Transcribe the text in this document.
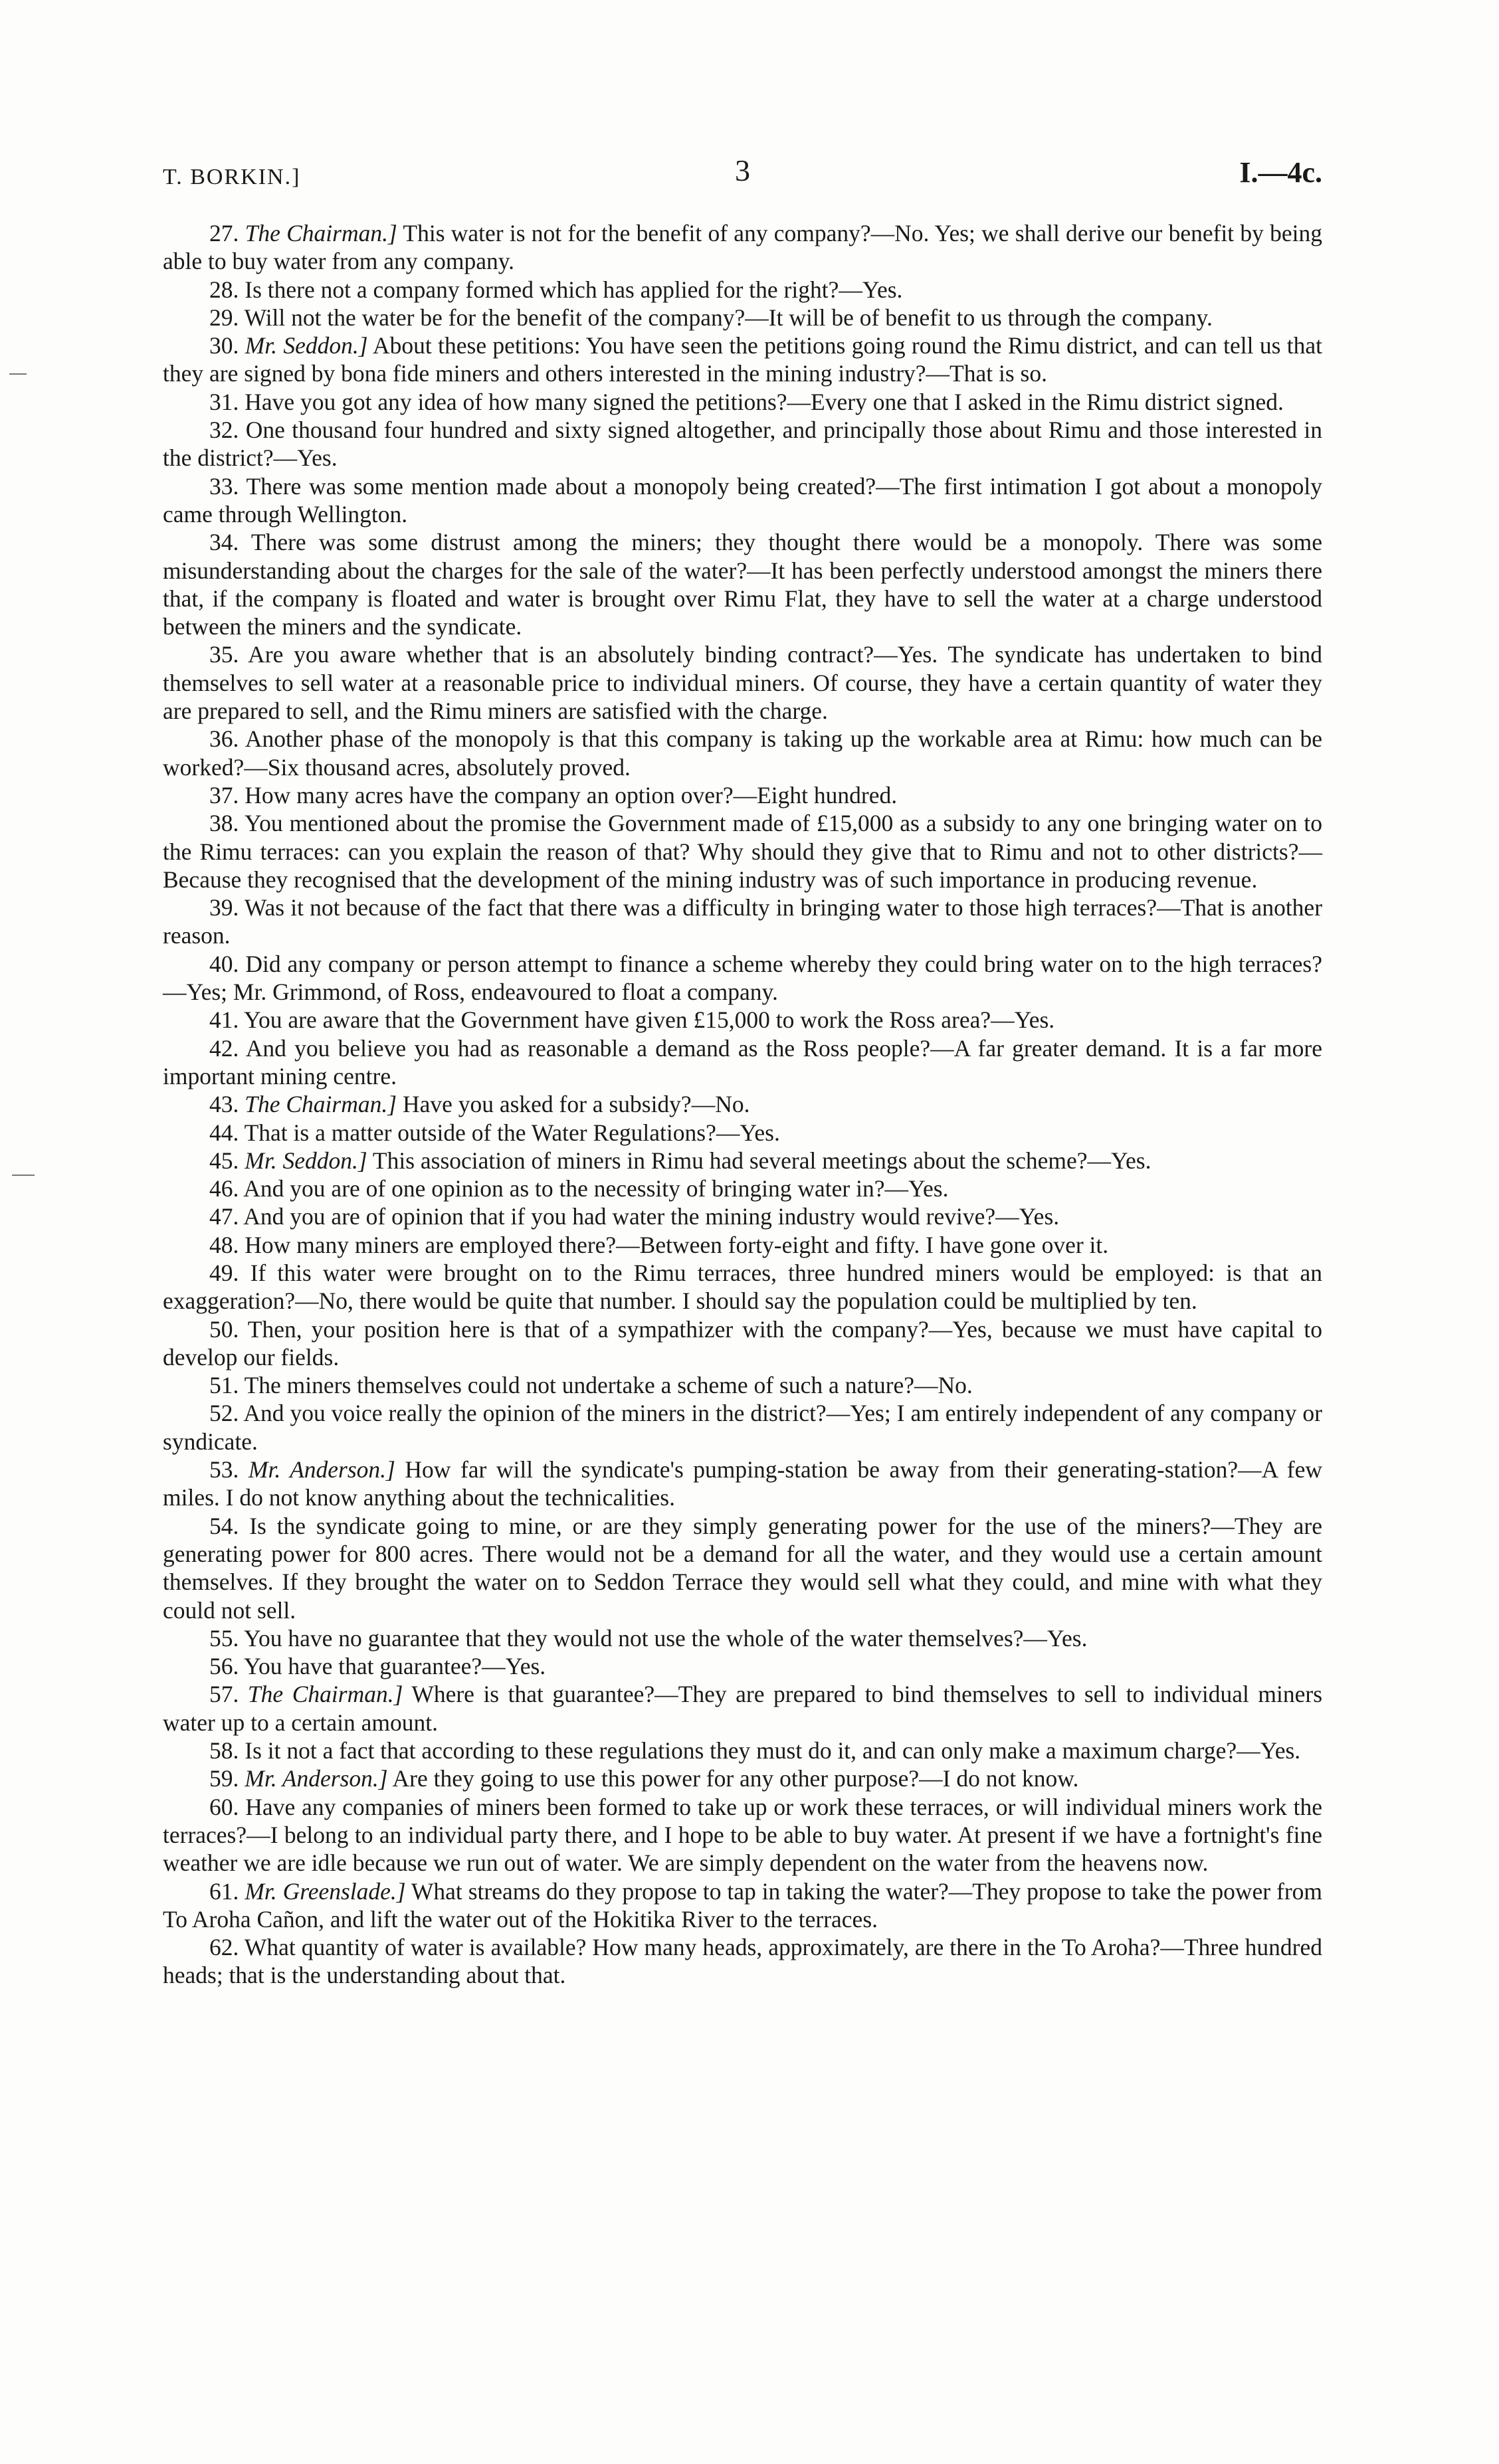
T. BORKIN.]	3	I.—4c.

27. The Chairman.] This water is not for the benefit of any company?—No. Yes; we shall derive our benefit by being able to buy water from any company.

28. Is there not a company formed which has applied for the right?—Yes.

29. Will not the water be for the benefit of the company?—It will be of benefit to us through the company.

30. Mr. Seddon.] About these petitions: You have seen the petitions going round the Rimu district, and can tell us that they are signed by bona fide miners and others interested in the mining industry?—That is so.

31. Have you got any idea of how many signed the petitions?—Every one that I asked in the Rimu district signed.

32. One thousand four hundred and sixty signed altogether, and principally those about Rimu and those interested in the district?—Yes.

33. There was some mention made about a monopoly being created?—The first intimation I got about a monopoly came through Wellington.

34. There was some distrust among the miners; they thought there would be a monopoly. There was some misunderstanding about the charges for the sale of the water?—It has been perfectly understood amongst the miners there that, if the company is floated and water is brought over Rimu Flat, they have to sell the water at a charge understood between the miners and the syndicate.

35. Are you aware whether that is an absolutely binding contract?—Yes. The syndicate has undertaken to bind themselves to sell water at a reasonable price to individual miners. Of course, they have a certain quantity of water they are prepared to sell, and the Rimu miners are satisfied with the charge.

36. Another phase of the monopoly is that this company is taking up the workable area at Rimu: how much can be worked?—Six thousand acres, absolutely proved.

37. How many acres have the company an option over?—Eight hundred.

38. You mentioned about the promise the Government made of £15,000 as a subsidy to any one bringing water on to the Rimu terraces: can you explain the reason of that? Why should they give that to Rimu and not to other districts?—Because they recognised that the development of the mining industry was of such importance in producing revenue.

39. Was it not because of the fact that there was a difficulty in bringing water to those high terraces?—That is another reason.

40. Did any company or person attempt to finance a scheme whereby they could bring water on to the high terraces?—Yes; Mr. Grimmond, of Ross, endeavoured to float a company.

41. You are aware that the Government have given £15,000 to work the Ross area?—Yes.

42. And you believe you had as reasonable a demand as the Ross people?—A far greater demand. It is a far more important mining centre.

43. The Chairman.] Have you asked for a subsidy?—No.

44. That is a matter outside of the Water Regulations?—Yes.

45. Mr. Seddon.] This association of miners in Rimu had several meetings about the scheme?—Yes.

46. And you are of one opinion as to the necessity of bringing water in?—Yes.

47. And you are of opinion that if you had water the mining industry would revive?—Yes.

48. How many miners are employed there?—Between forty-eight and fifty. I have gone over it.

49. If this water were brought on to the Rimu terraces, three hundred miners would be employed: is that an exaggeration?—No, there would be quite that number. I should say the population could be multiplied by ten.

50. Then, your position here is that of a sympathizer with the company?—Yes, because we must have capital to develop our fields.

51. The miners themselves could not undertake a scheme of such a nature?—No.

52. And you voice really the opinion of the miners in the district?—Yes; I am entirely independent of any company or syndicate.

53. Mr. Anderson.] How far will the syndicate's pumping-station be away from their generating-station?—A few miles. I do not know anything about the technicalities.

54. Is the syndicate going to mine, or are they simply generating power for the use of the miners?—They are generating power for 800 acres. There would not be a demand for all the water, and they would use a certain amount themselves. If they brought the water on to Seddon Terrace they would sell what they could, and mine with what they could not sell.

55. You have no guarantee that they would not use the whole of the water themselves?—Yes.

56. You have that guarantee?—Yes.

57. The Chairman.] Where is that guarantee?—They are prepared to bind themselves to sell to individual miners water up to a certain amount.

58. Is it not a fact that according to these regulations they must do it, and can only make a maximum charge?—Yes.

59. Mr. Anderson.] Are they going to use this power for any other purpose?—I do not know.

60. Have any companies of miners been formed to take up or work these terraces, or will individual miners work the terraces?—I belong to an individual party there, and I hope to be able to buy water. At present if we have a fortnight's fine weather we are idle because we run out of water. We are simply dependent on the water from the heavens now.

61. Mr. Greenslade.] What streams do they propose to tap in taking the water?—They propose to take the power from To Aroha Cañon, and lift the water out of the Hokitika River to the terraces.

62. What quantity of water is available? How many heads, approximately, are there in the To Aroha?—Three hundred heads; that is the understanding about that.
